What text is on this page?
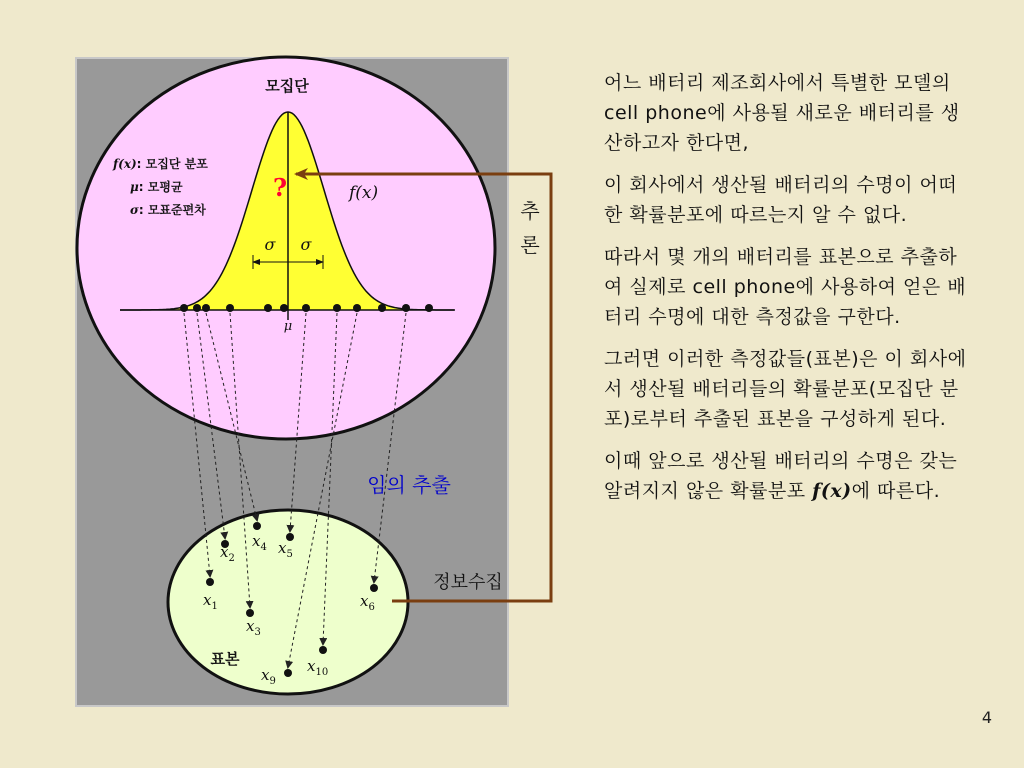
σ σ
μ
모집단
f(x): 모집단 분포
μ: 모평균
σ: 모표준편차
?	f(x)
표본
$x_1$
$x_2$
$x_3$
$x_4$ $x_5$
$x_6$
$x_9$
$x_{10}$
임의 추출
추
론
정보수집

어느 배터리 제조회사에서 특별한 모델의 cell phone에 사용될 새로운 배터리를 생산하고자 한다면,

이 회사에서 생산될 배터리의 수명이 어떠한 확률분포에 따르는지 알 수 없다.

따라서 몇 개의 배터리를 표본으로 추출하여 실제로 cell phone에 사용하여 얻은 배터리 수명에 대한 측정값을 구한다.

그러면 이러한 측정값들(표본)은 이 회사에서 생산될 배터리들의 확률분포(모집단 분포)로부터 추출된 표본을 구성하게 된다.

이때 앞으로 생산될 배터리의 수명은 갖는 알려지지 않은 확률분포 f(x)에 따른다.

4
